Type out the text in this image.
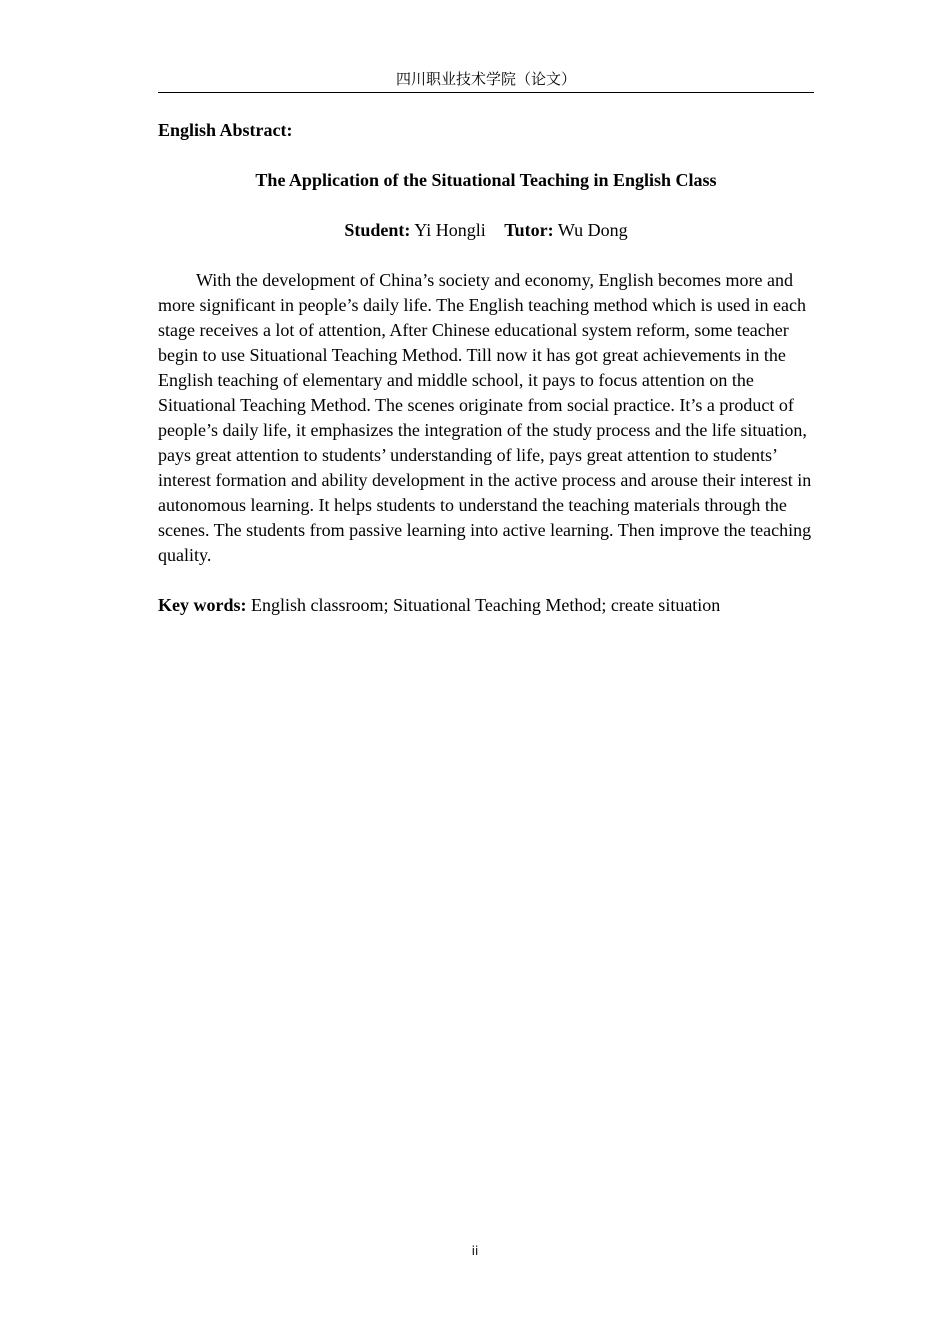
四川职业技术学院（论文）

English Abstract:

The Application of the Situational Teaching in English Class

Student: Yi Hongli Tutor: Wu Dong

With the development of China’s society and economy, English becomes more and more significant in people’s daily life. The English teaching method which is used in each stage receives a lot of attention, After Chinese educational system reform, some teacher begin to use Situational Teaching Method. Till now it has got great achievements in the English teaching of elementary and middle school, it pays to focus attention on the Situational Teaching Method. The scenes originate from social practice. It’s a product of people’s daily life, it emphasizes the integration of the study process and the life situation, pays great attention to students’ understanding of life, pays great attention to students’ interest formation and ability development in the active process and arouse their interest in autonomous learning. It helps students to understand the teaching materials through the scenes. The students from passive learning into active learning. Then improve the teaching quality.

Key words: English classroom; Situational Teaching Method; create situation

ii
